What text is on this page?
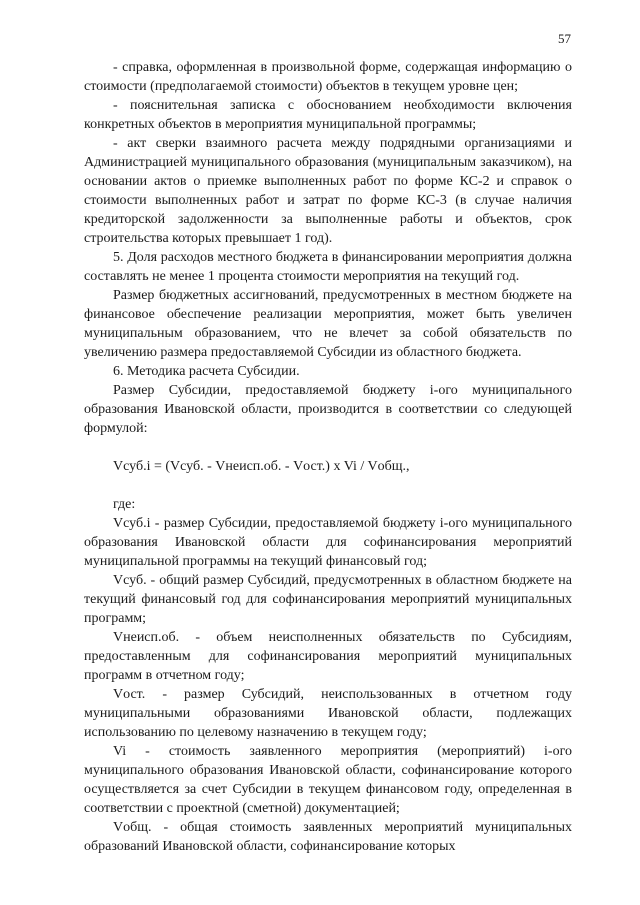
57

- справка, оформленная в произвольной форме, содержащая информацию о стоимости (предполагаемой стоимости) объектов в текущем уровне цен;

- пояснительная записка с обоснованием необходимости включения конкретных объектов в мероприятия муниципальной программы;

- акт сверки взаимного расчета между подрядными организациями и Администрацией муниципального образования (муниципальным заказчиком), на основании актов о приемке выполненных работ по форме КС-2 и справок о стоимости выполненных работ и затрат по форме КС-3 (в случае наличия кредиторской задолженности за выполненные работы и объектов, срок строительства которых превышает 1 год).

5. Доля расходов местного бюджета в финансировании мероприятия должна составлять не менее 1 процента стоимости мероприятия на текущий год.

Размер бюджетных ассигнований, предусмотренных в местном бюджете на финансовое обеспечение реализации мероприятия, может быть увеличен муниципальным образованием, что не влечет за собой обязательств по увеличению размера предоставляемой Субсидии из областного бюджета.

6. Методика расчета Субсидии.

Размер Субсидии, предоставляемой бюджету i-ого муниципального образования Ивановской области, производится в соответствии со следующей формулой:

Vсуб.i = (Vсуб. - Vнеисп.об. - Vост.) x Vi / Vобщ.,

где:

Vсуб.i - размер Субсидии, предоставляемой бюджету i-ого муниципального образования Ивановской области для софинансирования мероприятий муниципальной программы на текущий финансовый год;

Vсуб. - общий размер Субсидий, предусмотренных в областном бюджете на текущий финансовый год для софинансирования мероприятий муниципальных программ;

Vнеисп.об. - объем неисполненных обязательств по Субсидиям, предоставленным для софинансирования мероприятий муниципальных программ в отчетном году;

Vост. - размер Субсидий, неиспользованных в отчетном году муниципальными образованиями Ивановской области, подлежащих использованию по целевому назначению в текущем году;

Vi - стоимость заявленного мероприятия (мероприятий) i-ого муниципального образования Ивановской области, софинансирование которого осуществляется за счет Субсидии в текущем финансовом году, определенная в соответствии с проектной (сметной) документацией;

Vобщ. - общая стоимость заявленных мероприятий муниципальных образований Ивановской области, софинансирование которых
